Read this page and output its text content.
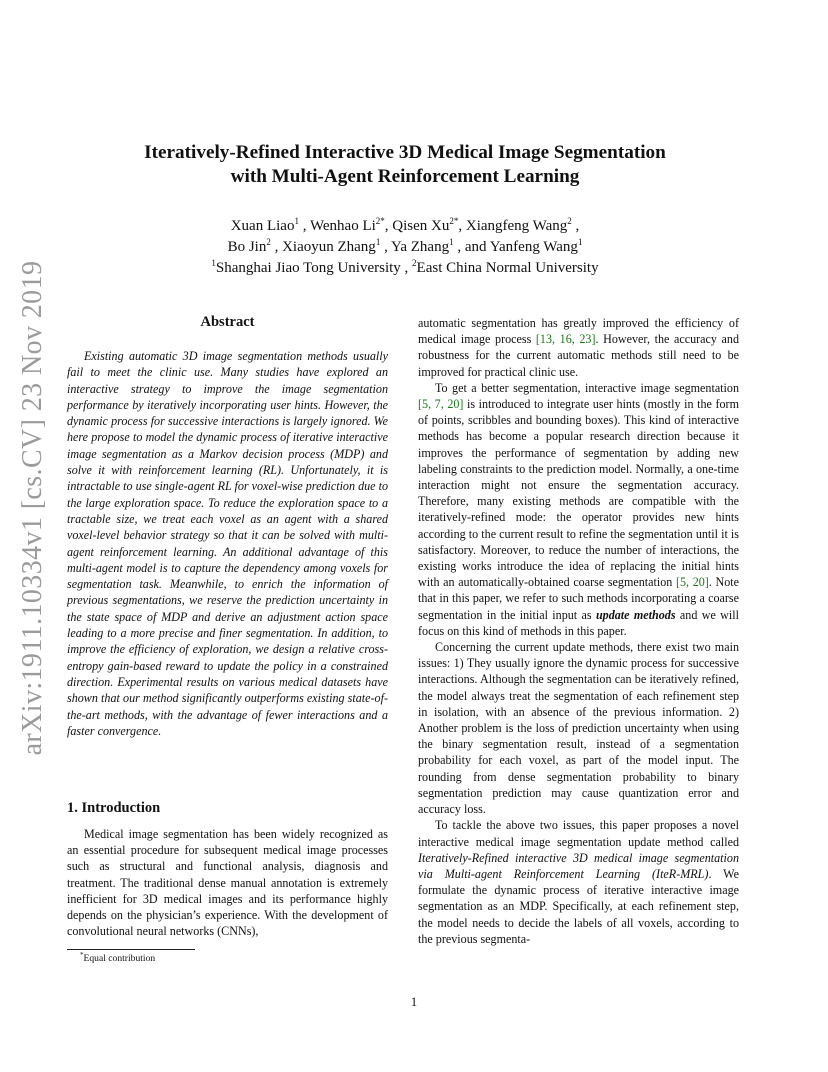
arXiv:1911.10334v1 [cs.CV] 23 Nov 2019
Iteratively-Refined Interactive 3D Medical Image Segmentation
with Multi-Agent Reinforcement Learning
Xuan Liao$^1$ , Wenhao $Li^{2*}$, Qisen $Xu^{2*}$, Xiangfeng Wang$^2$ ,
Bo Jin$^2$ , Xiaoyun Zhang$^1$ , Ya Zhang$^1$ , and Yanfeng Wang$^1$
$^1$Shanghai Jiao Tong University , $^2$East China Normal University
Abstract

Existing automatic 3D image segmentation methods usually fail to meet the clinic use. Many studies have explored an interactive strategy to improve the image segmentation performance by iteratively incorporating user hints. However, the dynamic process for successive interactions is largely ignored. We here propose to model the dynamic process of iterative interactive image segmentation as a Markov decision process (MDP) and solve it with reinforcement learning (RL). Unfortunately, it is intractable to use single-agent RL for voxel-wise prediction due to the large exploration space. To reduce the exploration space to a tractable size, we treat each voxel as an agent with a shared voxel-level behavior strategy so that it can be solved with multi-agent reinforcement learning. An additional advantage of this multi-agent model is to capture the dependency among voxels for segmentation task. Meanwhile, to enrich the information of previous segmentations, we reserve the prediction uncertainty in the state space of MDP and derive an adjustment action space leading to a more precise and finer segmentation. In addition, to improve the efficiency of exploration, we design a relative cross-entropy gain-based reward to update the policy in a constrained direction. Experimental results on various medical datasets have shown that our method significantly outperforms existing state-of-the-art methods, with the advantage of fewer interactions and a faster convergence.

1. Introduction

Medical image segmentation has been widely recognized as an essential procedure for subsequent medical image processes such as structural and functional analysis, diagnosis and treatment. The traditional dense manual annotation is extremely inefficient for 3D medical images and its performance highly depends on the physician’s experience. With the development of convolutional neural networks (CNNs),

automatic segmentation has greatly improved the efficiency of medical image process [13, 16, 23]. However, the accuracy and robustness for the current automatic methods still need to be improved for practical clinic use.

To get a better segmentation, interactive image segmentation [5, 7, 20] is introduced to integrate user hints (mostly in the form of points, scribbles and bounding boxes). This kind of interactive methods has become a popular research direction because it improves the performance of segmentation by adding new labeling constraints to the prediction model. Normally, a one-time interaction might not ensure the segmentation accuracy. Therefore, many existing methods are compatible with the iteratively-refined mode: the operator provides new hints according to the current result to refine the segmentation until it is satisfactory. Moreover, to reduce the number of interactions, the existing works introduce the idea of replacing the initial hints with an automatically-obtained coarse segmentation [5, 20]. Note that in this paper, we refer to such methods incorporating a coarse segmentation in the initial input as update methods and we will focus on this kind of methods in this paper.

Concerning the current update methods, there exist two main issues: 1) They usually ignore the dynamic process for successive interactions. Although the segmentation can be iteratively refined, the model always treat the segmentation of each refinement step in isolation, with an absence of the previous information. 2) Another problem is the loss of prediction uncertainty when using the binary segmentation result, instead of a segmentation probability for each voxel, as part of the model input. The rounding from dense segmentation probability to binary segmentation prediction may cause quantization error and accuracy loss.

To tackle the above two issues, this paper proposes a novel interactive medical image segmentation update method called Iteratively-Refined interactive 3D medical image segmentation via Multi-agent Reinforcement Learning (IteR-MRL). We formulate the dynamic process of iterative interactive image segmentation as an MDP. Specifically, at each refinement step, the model needs to decide the labels of all voxels, according to the previous segmenta-

*Equal contribution
1
